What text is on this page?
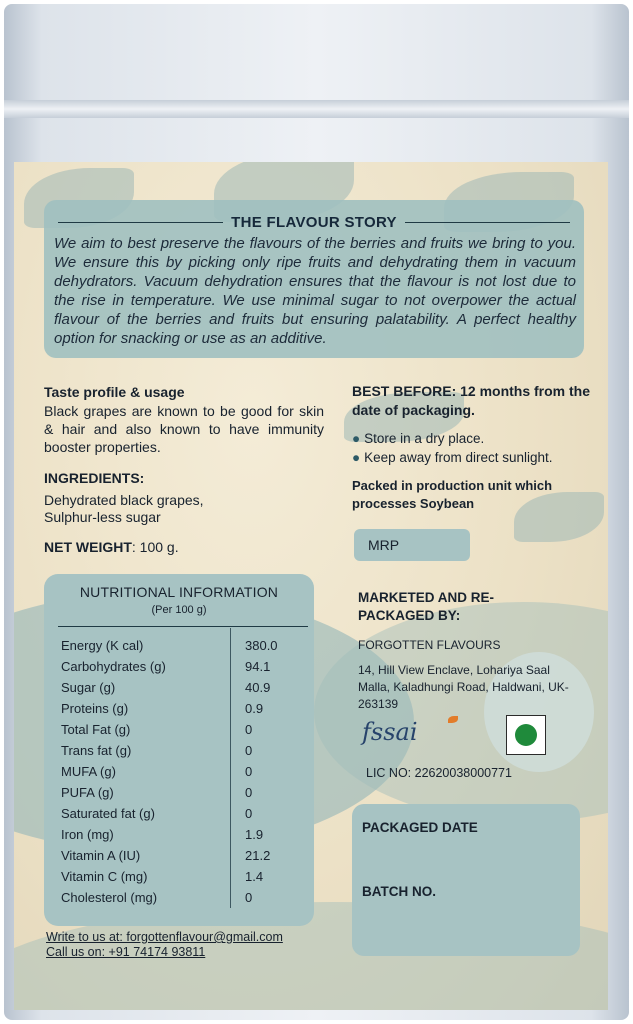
THE FLAVOUR STORY
We aim to best preserve the flavours of the berries and fruits we bring to you. We ensure this by picking only ripe fruits and dehydrating them in vacuum dehydrators. Vacuum dehydration ensures that the flavour is not lost due to the rise in temperature. We use minimal sugar to not overpower the actual flavour of the berries and fruits but ensuring palatability. A perfect healthy option for snacking or use as an additive.
Taste profile & usage
Black grapes are known to be good for skin & hair and also known to have immunity booster properties.
INGREDIENTS:
Dehydrated black grapes,
Sulphur-less sugar
NET WEIGHT: 100 g.
BEST BEFORE: 12 months from the date of packaging.
● Store in a dry place.
● Keep away from direct sunlight.
Packed in production unit which processes Soybean
MRP
MARKETED AND RE-PACKAGED BY:
FORGOTTEN FLAVOURS
14, Hill View Enclave, Lohariya Saal Malla, Kaladhungi Road, Haldwani, UK-263139
fssai
LIC NO: 22620038000771
NUTRITIONAL INFORMATION
(Per 100 g)
Energy (K cal)	380.0
Carbohydrates (g)	94.1
Sugar (g)	40.9
Proteins (g)	0.9
Total Fat (g)	0
Trans fat (g)	0
MUFA (g)	0
PUFA (g)	0
Saturated fat (g)	0
Iron (mg)	1.9
Vitamin A (IU)	21.2
Vitamin C (mg)	1.4
Cholesterol (mg)	0
PACKAGED DATE
BATCH NO.
Write to us at: forgottenflavour@gmail.com
Call us on: +91 74174 93811
